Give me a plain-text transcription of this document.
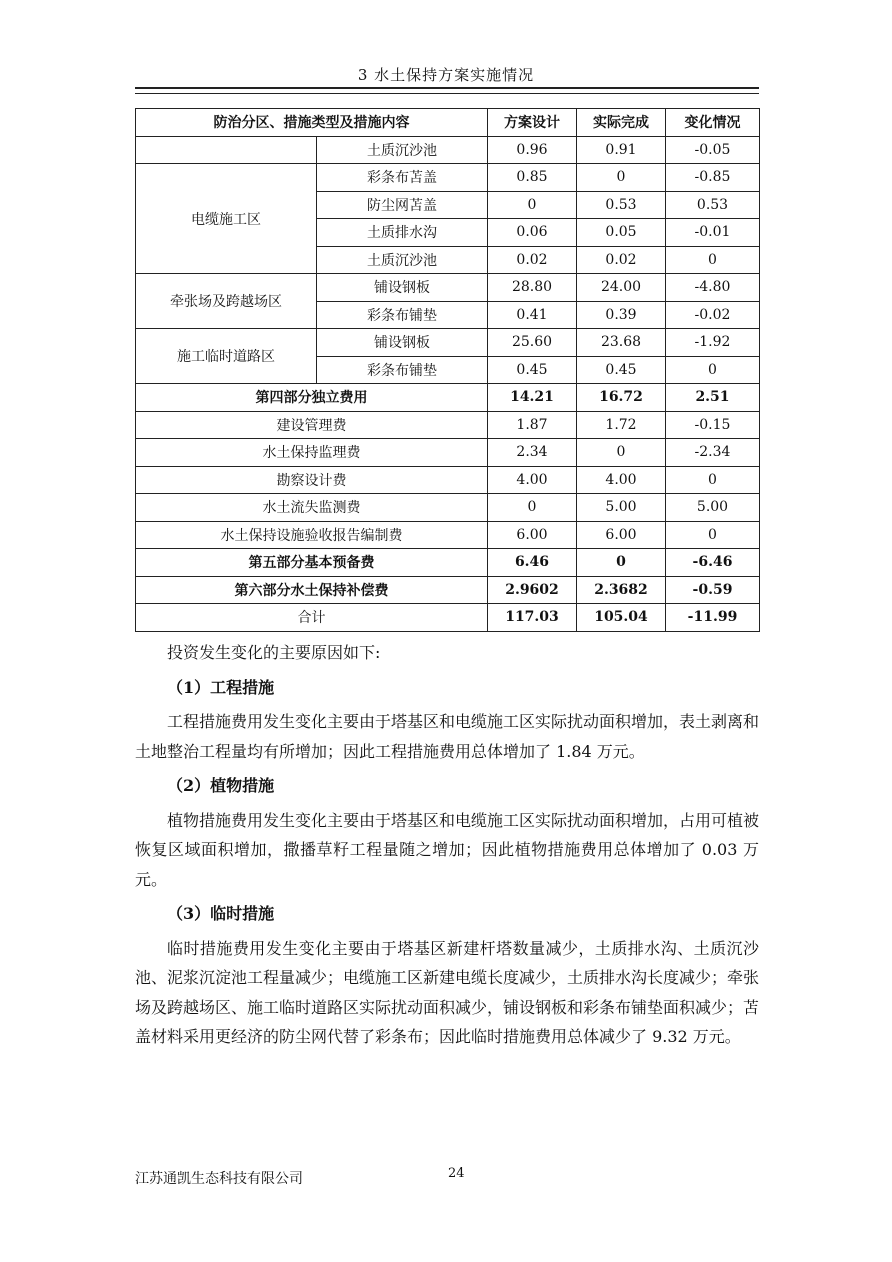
3 水土保持方案实施情况
防治分区、措施类型及措施内容		方案设计	实际完成	变化情况
	土质沉沙池	0.96	0.91	-0.05
电缆施工区	彩条布苫盖	0.85	0	-0.85
	防尘网苫盖	0	0.53	0.53
	土质排水沟	0.06	0.05	-0.01
	土质沉沙池	0.02	0.02	0
牵张场及跨越场区	铺设钢板	28.80	24.00	-4.80
	彩条布铺垫	0.41	0.39	-0.02
施工临时道路区	铺设钢板	25.60	23.68	-1.92
	彩条布铺垫	0.45	0.45	0
第四部分独立费用		14.21	16.72	2.51
建设管理费		1.87	1.72	-0.15
水土保持监理费		2.34	0	-2.34
勘察设计费		4.00	4.00	0
水土流失监测费		0	5.00	5.00
水土保持设施验收报告编制费		6.00	6.00	0
第五部分基本预备费		6.46	0	-6.46
第六部分水土保持补偿费		2.9602	2.3682	-0.59
合计		117.03	105.04	-11.99

投资发生变化的主要原因如下:

（1）工程措施

工程措施费用发生变化主要由于塔基区和电缆施工区实际扰动面积增加，表土剥离和土地整治工程量均有所增加；因此工程措施费用总体增加了 1.84 万元。

（2）植物措施

植物措施费用发生变化主要由于塔基区和电缆施工区实际扰动面积增加，占用可植被恢复区域面积增加，撒播草籽工程量随之增加；因此植物措施费用总体增加了 0.03 万元。

（3）临时措施

临时措施费用发生变化主要由于塔基区新建杆塔数量减少，土质排水沟、土质沉沙池、泥浆沉淀池工程量减少；电缆施工区新建电缆长度减少，土质排水沟长度减少；牵张场及跨越场区、施工临时道路区实际扰动面积减少，铺设钢板和彩条布铺垫面积减少；苫盖材料采用更经济的防尘网代替了彩条布；因此临时措施费用总体减少了 9.32 万元。

江苏通凯生态科技有限公司	24
